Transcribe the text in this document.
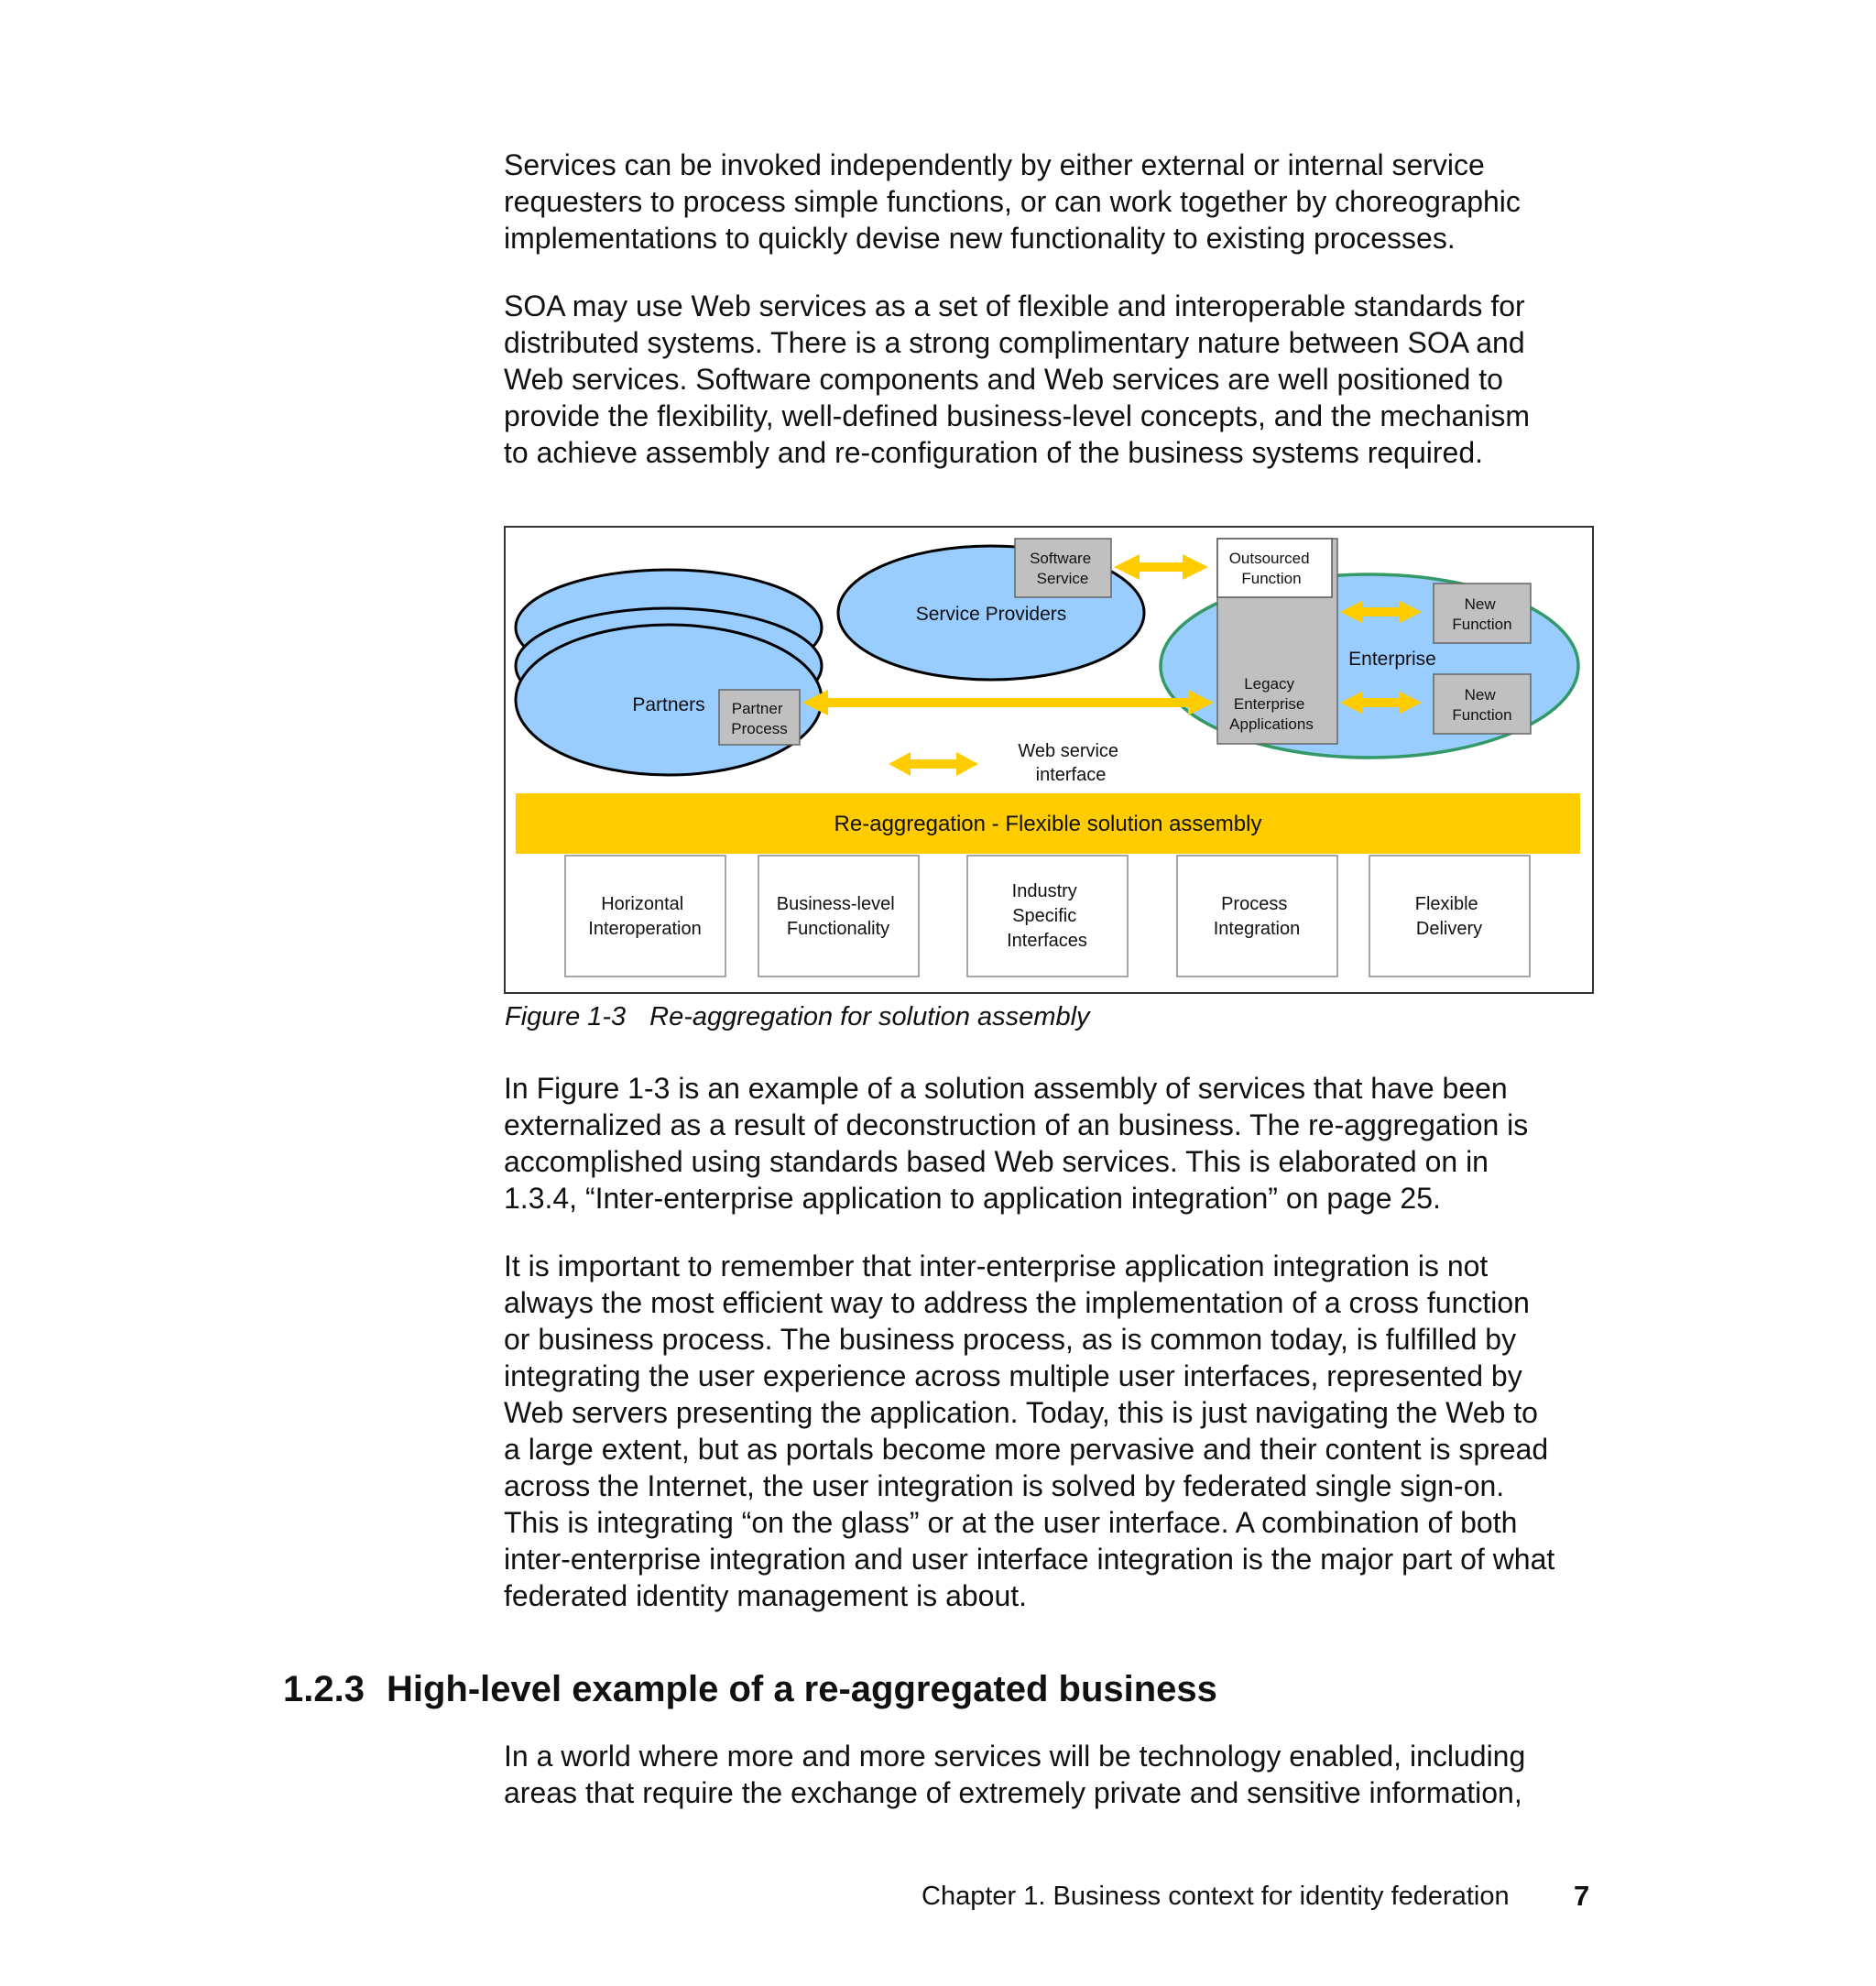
Services can be invoked independently by either external or internal service
requesters to process simple functions, or can work together by choreographic
implementations to quickly devise new functionality to existing processes.
SOA may use Web services as a set of flexible and interoperable standards for
distributed systems. There is a strong complimentary nature between SOA and
Web services. Software components and Web services are well positioned to
provide the flexibility, well-defined business-level concepts, and the mechanism
to achieve assembly and re-configuration of the business systems required.
Partners Partner Process
Service Providers
Software Service
Enterprise
Legacy Enterprise Applications
Outsourced Function
New Function
New Function
Web service interface
Re-aggregation - Flexible solution assembly
Horizontal Interoperation
Business-level Functionality
Industry Specific Interfaces
Process Integration
Flexible Delivery
Figure 1-3 Re-aggregation for solution assembly
In Figure 1-3 is an example of a solution assembly of services that have been
externalized as a result of deconstruction of an business. The re-aggregation is
accomplished using standards based Web services. This is elaborated on in
1.3.4, “Inter-enterprise application to application integration” on page 25.
It is important to remember that inter-enterprise application integration is not
always the most efficient way to address the implementation of a cross function
or business process. The business process, as is common today, is fulfilled by
integrating the user experience across multiple user interfaces, represented by
Web servers presenting the application. Today, this is just navigating the Web to
a large extent, but as portals become more pervasive and their content is spread
across the Internet, the user integration is solved by federated single sign-on.
This is integrating “on the glass” or at the user interface. A combination of both
inter-enterprise integration and user interface integration is the major part of what
federated identity management is about.
1.2.3 High-level example of a re-aggregated business
In a world where more and more services will be technology enabled, including
areas that require the exchange of extremely private and sensitive information,
Chapter 1. Business context for identity federation 7
